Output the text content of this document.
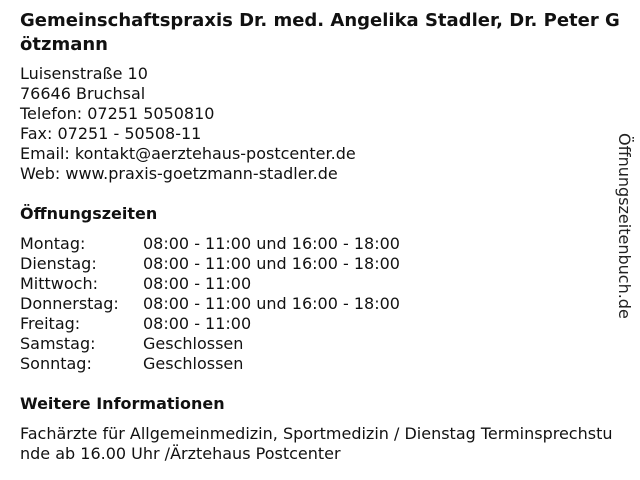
Gemeinschaftspraxis Dr. med. Angelika Stadler, Dr. Peter Götzmann
Luisenstraße 10
76646 Bruchsal
Telefon: 07251 5050810
Fax: 07251 - 50508-11
Email: kontakt@aerztehaus-postcenter.de
Web: www.praxis-goetzmann-stadler.de
Öffnungszeiten
Montag:	08:00 - 11:00 und 16:00 - 18:00
Dienstag:	08:00 - 11:00 und 16:00 - 18:00
Mittwoch:	08:00 - 11:00
Donnerstag:	08:00 - 11:00 und 16:00 - 18:00
Freitag:	08:00 - 11:00
Samstag:	Geschlossen
Sonntag:	Geschlossen
Weitere Informationen
Fachärzte für Allgemeinmedizin, Sportmedizin / Dienstag Terminsprechstunde ab 16.00 Uhr /Ärztehaus Postcenter
Öffnungszeitenbuch.de
